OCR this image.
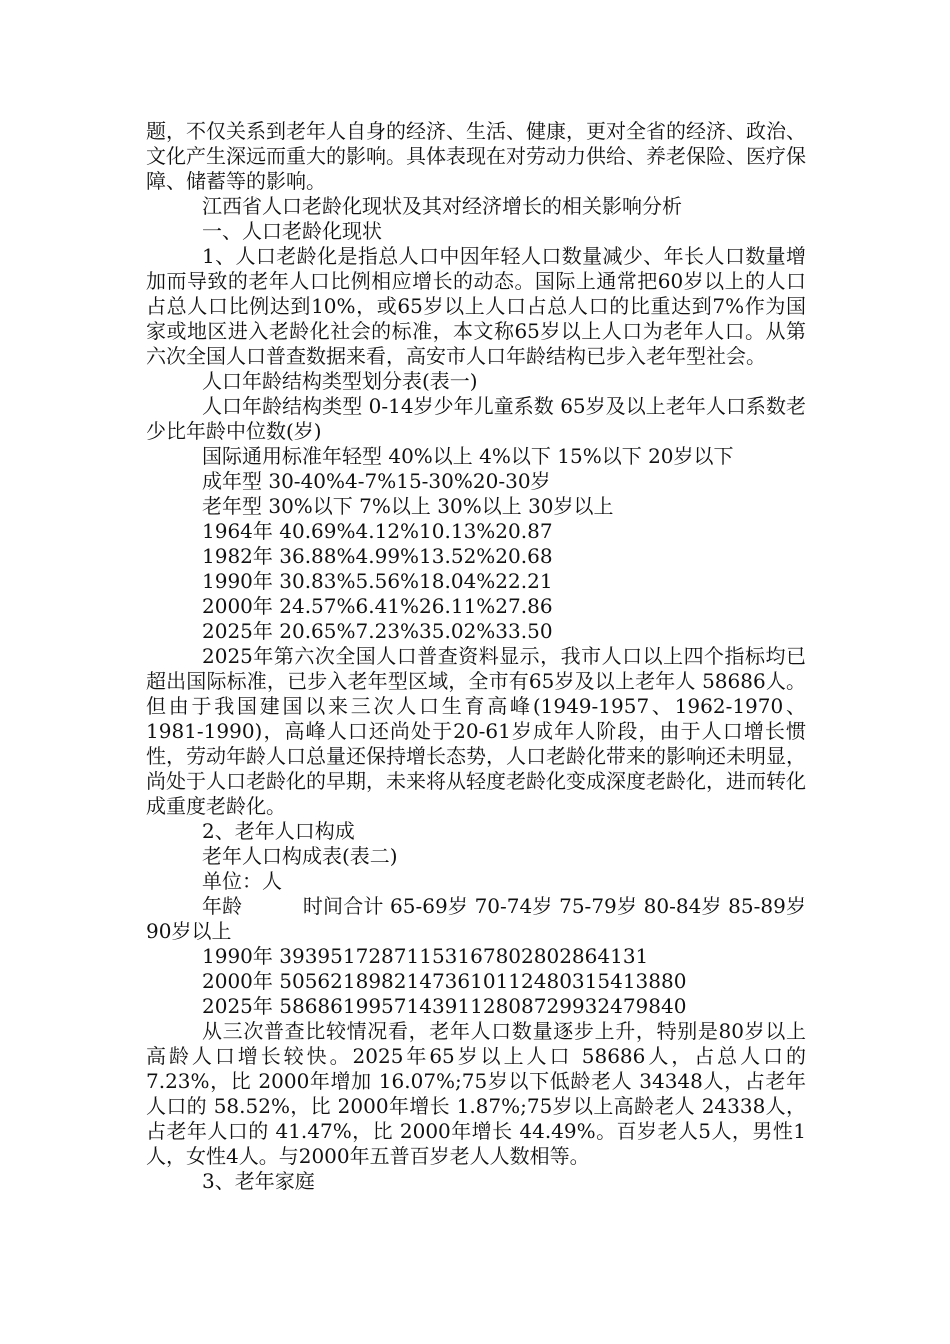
题，不仅关系到老年人自身的经济、生活、健康，更对全省的经济、政治、文化产生深远而重大的影响。具体表现在对劳动力供给、养老保险、医疗保障、储蓄等的影响。

江西省人口老龄化现状及其对经济增长的相关影响分析

一、人口老龄化现状

1、人口老龄化是指总人口中因年轻人口数量减少、年长人口数量增加而导致的老年人口比例相应增长的动态。国际上通常把60岁以上的人口占总人口比例达到10%，或65岁以上人口占总人口的比重达到7%作为国家或地区进入老龄化社会的标准，本文称65岁以上人口为老年人口。从第六次全国人口普查数据来看，高安市人口年龄结构已步入老年型社会。

人口年龄结构类型划分表(表一)

人口年龄结构类型 0-14岁少年儿童系数 65岁及以上老年人口系数老少比年龄中位数(岁)

国际通用标准年轻型 40%以上 4%以下 15%以下 20岁以下

成年型 30-40%4-7%15-30%20-30岁

老年型 30%以下 7%以上 30%以上 30岁以上

1964年 40.69%4.12%10.13%20.87

1982年 36.88%4.99%13.52%20.68

1990年 30.83%5.56%18.04%22.21

2000年 24.57%6.41%26.11%27.86

2025年 20.65%7.23%35.02%33.50

2025年第六次全国人口普查资料显示，我市人口以上四个指标均已超出国际标准，已步入老年型区域，全市有65岁及以上老年人 58686人。但由于我国建国以来三次人口生育高峰(1949-1957、1962-1970、1981-1990)，高峰人口还尚处于20-61岁成年人阶段，由于人口增长惯性，劳动年龄人口总量还保持增长态势，人口老龄化带来的影响还未明显，尚处于人口老龄化的早期，未来将从轻度老龄化变成深度老龄化，进而转化成重度老龄化。

2、老年人口构成

老年人口构成表(表二)

单位：人

年龄　　　时间合计 65-69岁 70-74岁 75-79岁 80-84岁 85-89岁 90岁以上

1990年 39395172871153167802802864131

2000年 50562189821473610112480315413880

2025年 58686199571439112808729932479840

从三次普查比较情况看，老年人口数量逐步上升，特别是80岁以上高龄人口增长较快。2025年65岁以上人口 58686人，占总人口的 7.23%，比 2000年增加 16.07%;75岁以下低龄老人 34348人，占老年人口的 58.52%，比 2000年增长 1.87%;75岁以上高龄老人 24338人，占老年人口的 41.47%，比 2000年增长 44.49%。百岁老人5人，男性1人，女性4人。与2000年五普百岁老人人数相等。

3、老年家庭
